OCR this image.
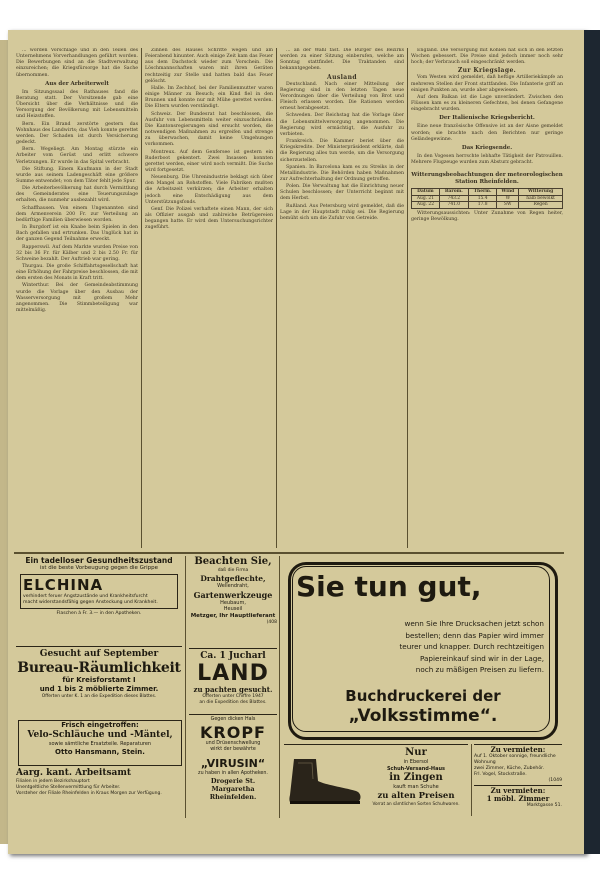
... worden Vorschläge und in den Teilen des Unternehmens Vorverhandlungen geführt worden. Die Bewerbungen sind an die Stadtverwaltung einzureichen; die Kriegsfürsorge hat die Sache übernommen.

Aus der Arbeiterwelt

Im Sitzungssaal des Rathauses fand die Beratung statt. Der Vorsitzende gab eine Übersicht über die Verhältnisse und die Versorgung der Bevölkerung mit Lebensmitteln und Heizstoffen.

Bern. Ein Brand zerstörte gestern das Wohnhaus des Landwirts; das Vieh konnte gerettet werden. Der Schaden ist durch Versicherung gedeckt.

Bern. Wegeliegt. Am Montag stürzte ein Arbeiter vom Gerüst und erlitt schwere Verletzungen. Er wurde in das Spital verbracht.

Die Stiftung. Einem Kaufmann in der Stadt wurde aus seinem Ladengeschäft eine größere Summe entwendet; von dem Täter fehlt jede Spur.

Die Arbeiterbevölkerung hat durch Vermittlung des Gemeinderates eine Teuerungszulage erhalten, die nunmehr ausbezahlt wird.

Schaffhausen. Von einem Ungenannten sind dem Armenverein 200 Fr. zur Verteilung an bedürftige Familien überwiesen worden.

In Burgdorf ist ein Knabe beim Spielen in den Bach gefallen und ertrunken. Das Unglück hat in der ganzen Gegend Teilnahme erweckt.

Rapperswil. Auf dem Markte wurden Preise von 32 bis 36 Fr. für Kälber und 2 bis 2.50 Fr. für Schweine bezahlt. Der Auftrieb war gering.

Thurgau. Die große Schiffahrtsgesellschaft hat eine Erhöhung der Fahrpreise beschlossen, die mit dem ersten des Monats in Kraft tritt.

Winterthur. Bei der Gemeindeabstimmung wurde die Vorlage über den Ausbau der Wasserversorgung mit großem Mehr angenommen. Die Stimmbeteiligung war mittelmäßig.

Zinnen des Hauses Schritte wegen und am Feierabend hinunter. Auch einige Zeit kam das Feuer aus dem Dachstock wieder zum Vorschein. Die Löschmannschaften waren mit ihren Geräten rechtzeitig zur Stelle und hatten bald das Feuer gelöscht.

Halle. Im Zechhof, bei der Familienmutter waren einige Männer zu Besuch; ein Kind fiel in den Brunnen und konnte nur mit Mühe gerettet werden. Die Eltern wurden verständigt.

Schweiz. Der Bundesrat hat beschlossen, die Ausfuhr von Lebensmitteln weiter einzuschränken. Die Kantonsregierungen sind ersucht worden, die notwendigen Maßnahmen zu ergreifen und strenge zu überwachen, damit keine Umgehungen vorkommen.

Montreux. Auf dem Genfersee ist gestern ein Ruderboot gekentert. Zwei Insassen konnten gerettet werden, einer wird noch vermißt. Die Suche wird fortgesetzt.

Neuenburg. Die Uhrenindustrie beklagt sich über den Mangel an Rohstoffen. Viele Fabriken mußten die Arbeitszeit verkürzen; die Arbeiter erhalten jedoch eine Entschädigung aus dem Unterstützungsfonds.

Genf. Die Polizei verhaftete einen Mann, der sich als Offizier ausgab und zahlreiche Betrügereien begangen hatte. Er wird dem Untersuchungsrichter zugeführt.

... an der Wahl fast. Die Bürger des Bezirks werden zu einer Sitzung einberufen, welche am Sonntag stattfindet. Die Traktanden sind bekanntgegeben.

Ausland

Deutschland. Nach einer Mitteilung der Regierung sind in den letzten Tagen neue Verordnungen über die Verteilung von Brot und Fleisch erlassen worden. Die Rationen werden erneut herabgesetzt.

Schweden. Der Reichstag hat die Vorlage über die Lebensmittelversorgung angenommen. Die Regierung wird ermächtigt, die Ausfuhr zu verbieten.

Frankreich. Die Kammer beriet über die Kriegskredite. Der Ministerpräsident erklärte, daß die Regierung alles tun werde, um die Versorgung sicherzustellen.

Spanien. In Barcelona kam es zu Streiks in der Metallindustrie. Die Behörden haben Maßnahmen zur Aufrechterhaltung der Ordnung getroffen.

Polen. Die Verwaltung hat die Einrichtung neuer Schulen beschlossen; der Unterricht beginnt mit dem Herbst.

Rußland. Aus Petersburg wird gemeldet, daß die Lage in der Hauptstadt ruhig sei. Die Regierung bemüht sich um die Zufuhr von Getreide.

England. Die Versorgung mit Kohlen hat sich in den letzten Wochen gebessert. Die Preise sind jedoch immer noch sehr hoch; der Verbrauch soll eingeschränkt werden.

Zur Kriegslage.

Vom Westen wird gemeldet, daß heftige Artilleriekämpfe an mehreren Stellen der Front stattfanden. Die Infanterie griff an einigen Punkten an, wurde aber abgewiesen.

Auf dem Balkan ist die Lage unverändert. Zwischen den Flüssen kam es zu kleineren Gefechten, bei denen Gefangene eingebracht wurden.

Der Italienische Kriegsbericht.

Eine neue französische Offensive ist an der Aisne gemeldet worden; sie brachte nach den Berichten nur geringe Geländegewinne.

Das Kriegsende.

In den Vogesen herrschte lebhafte Tätigkeit der Patrouillen. Mehrere Flugzeuge wurden zum Absturz gebracht.

Witterungsbeobachtungen der meteorologischen Station Rheinfelden.
Datum	Barom.	Therm.	Wind	Witterung
Aug. 21	743.2	15.4	W	halb bewölkt
Aug. 22	741.0	17.8	SW	Regen

Witterungsaussichten: Unter Zunahme von Regen heiter, geringe Bewölkung.

Ein tadelloser Gesundheitszustand
ist die beste Vorbeugung gegen die Grippe
ELCHINA
verhindert feruer Angstzustände und Krankheitsfurcht
macht widerstandsfähig gegen Ansteckung und Krankheit.
Flaschen à Fr. 3.— in den Apotheken.
Gesucht auf September
Bureau-Räumlichkeit
für Kreisforstamt I
und 1 bis 2 möblierte Zimmer.
Offerten unter K. 1 an die Expedition dieses Blattes.
Frisch eingetroffen:
Velo-Schläuche und -Mäntel,
sowie sämtliche Ersatzteile. Reparaturen
Otto Hansmann, Stein.
Aarg. kant. Arbeitsamt
Filialen in jedem Bezirkshauptort
Unentgeltliche Stellenvermittlung für Arbeiter.
Vorsteher der Filiale Rheinfelden in Kraus Morgen zur Verfügung.
Beachten Sie,
daß die Firma
Drahtgeflechte,
Wellendraht,
Gartenwerkzeuge
Heubaum,
Heuseil
Metzger, Ihr Hauptlieferant
(408
Ca. 1 Jucharl
LAND
zu pachten gesucht.
Offerten unter Chiffre 1947
an die Expedition des Blattes.
Gegen dicken Hals
KROPF
und Drüsenschwellung
wirkt der bewährte
„VIRUSIN“
zu haben in allen Apotheken.
Drogerie St. Margaretha
Rheinfelden.
Sie tun gut,
wenn Sie Ihre Drucksachen jetzt schon
bestellen; denn das Papier wird immer
teurer und knapper. Durch rechtzeitigen
Papiereinkauf sind wir in der Lage,
noch zu mäßigen Preisen zu liefern.
Buchdruckerei der
„Volksstimme“.
Nur
in Ebersol
Schuh-Versand-Haus
in Zingen
kauft man Schuhe
zu alten Preisen
Vorrat an sämtlichen Sorten Schuhwaren.
Zu vermieten:
Auf 1. Oktober sonnige, freundliche Wohnung
zwei Zimmer, Küche, Zubehör.
Frl. Vogel, Stockstraße.
(1049
Zu vermieten:
1 möbl. Zimmer
Marktgasse 51.
